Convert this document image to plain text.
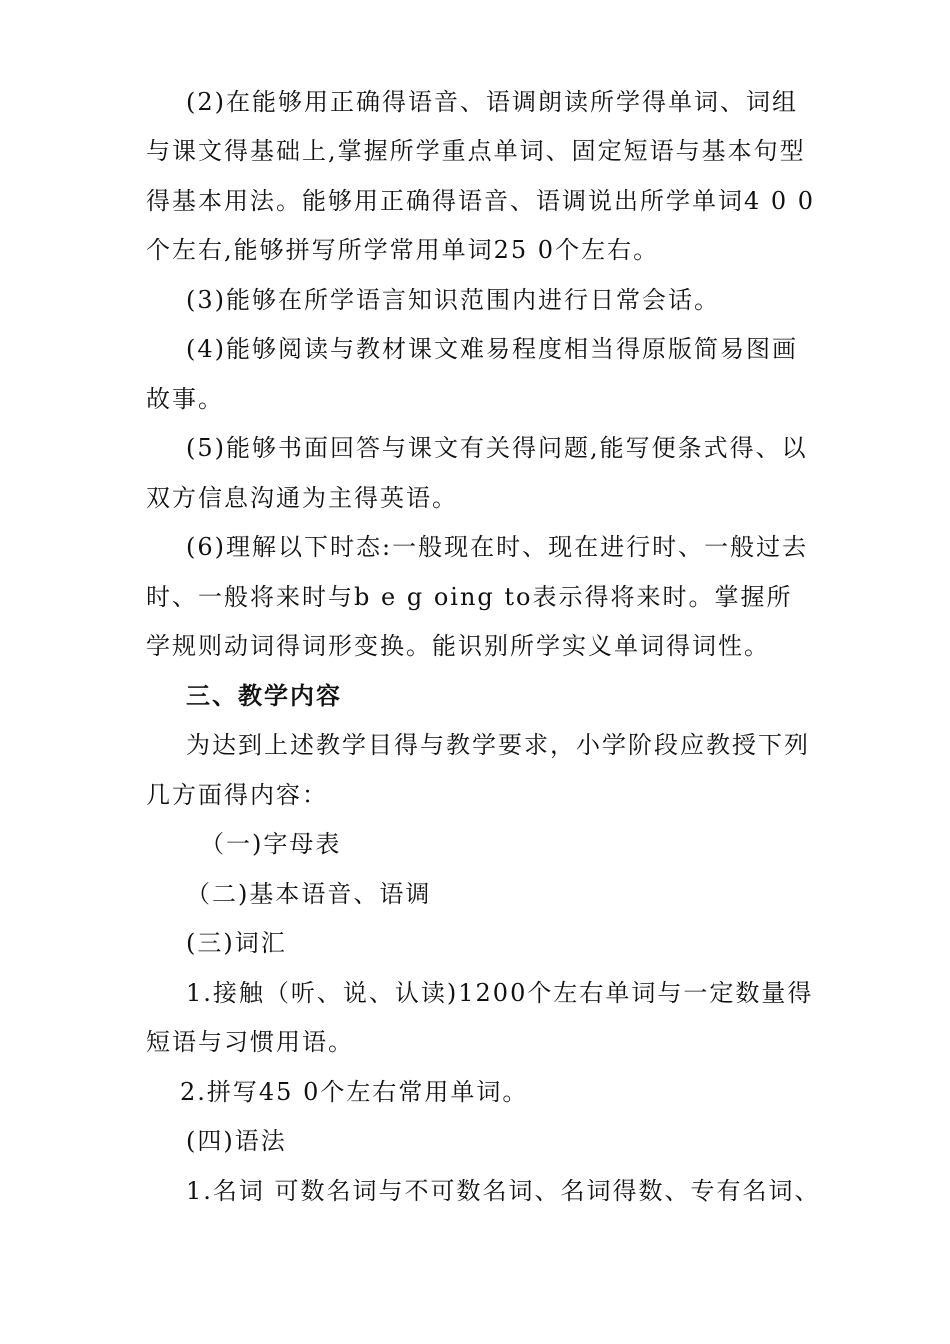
(2)在能够用正确得语音、语调朗读所学得单词、词组
与课文得基础上,掌握所学重点单词、固定短语与基本句型
得基本用法。能够用正确得语音、语调说出所学单词4 0 0
个左右,能够拼写所学常用单词25 0个左右。
(3)能够在所学语言知识范围内进行日常会话。
(4)能够阅读与教材课文难易程度相当得原版简易图画
故事。
(5)能够书面回答与课文有关得问题,能写便条式得、以
双方信息沟通为主得英语。
(6)理解以下时态:一般现在时、现在进行时、一般过去
时、一般将来时与b e g oing to表示得将来时。掌握所
学规则动词得词形变换。能识别所学实义单词得词性。
三、教学内容
为达到上述教学目得与教学要求，小学阶段应教授下列
几方面得内容：
（一)字母表
（二)基本语音、语调
(三)词汇
1.接触（听、说、认读)1200个左右单词与一定数量得
短语与习惯用语。
2.拼写45 0个左右常用单词。
(四)语法
1.名词 可数名词与不可数名词、名词得数、专有名词、
